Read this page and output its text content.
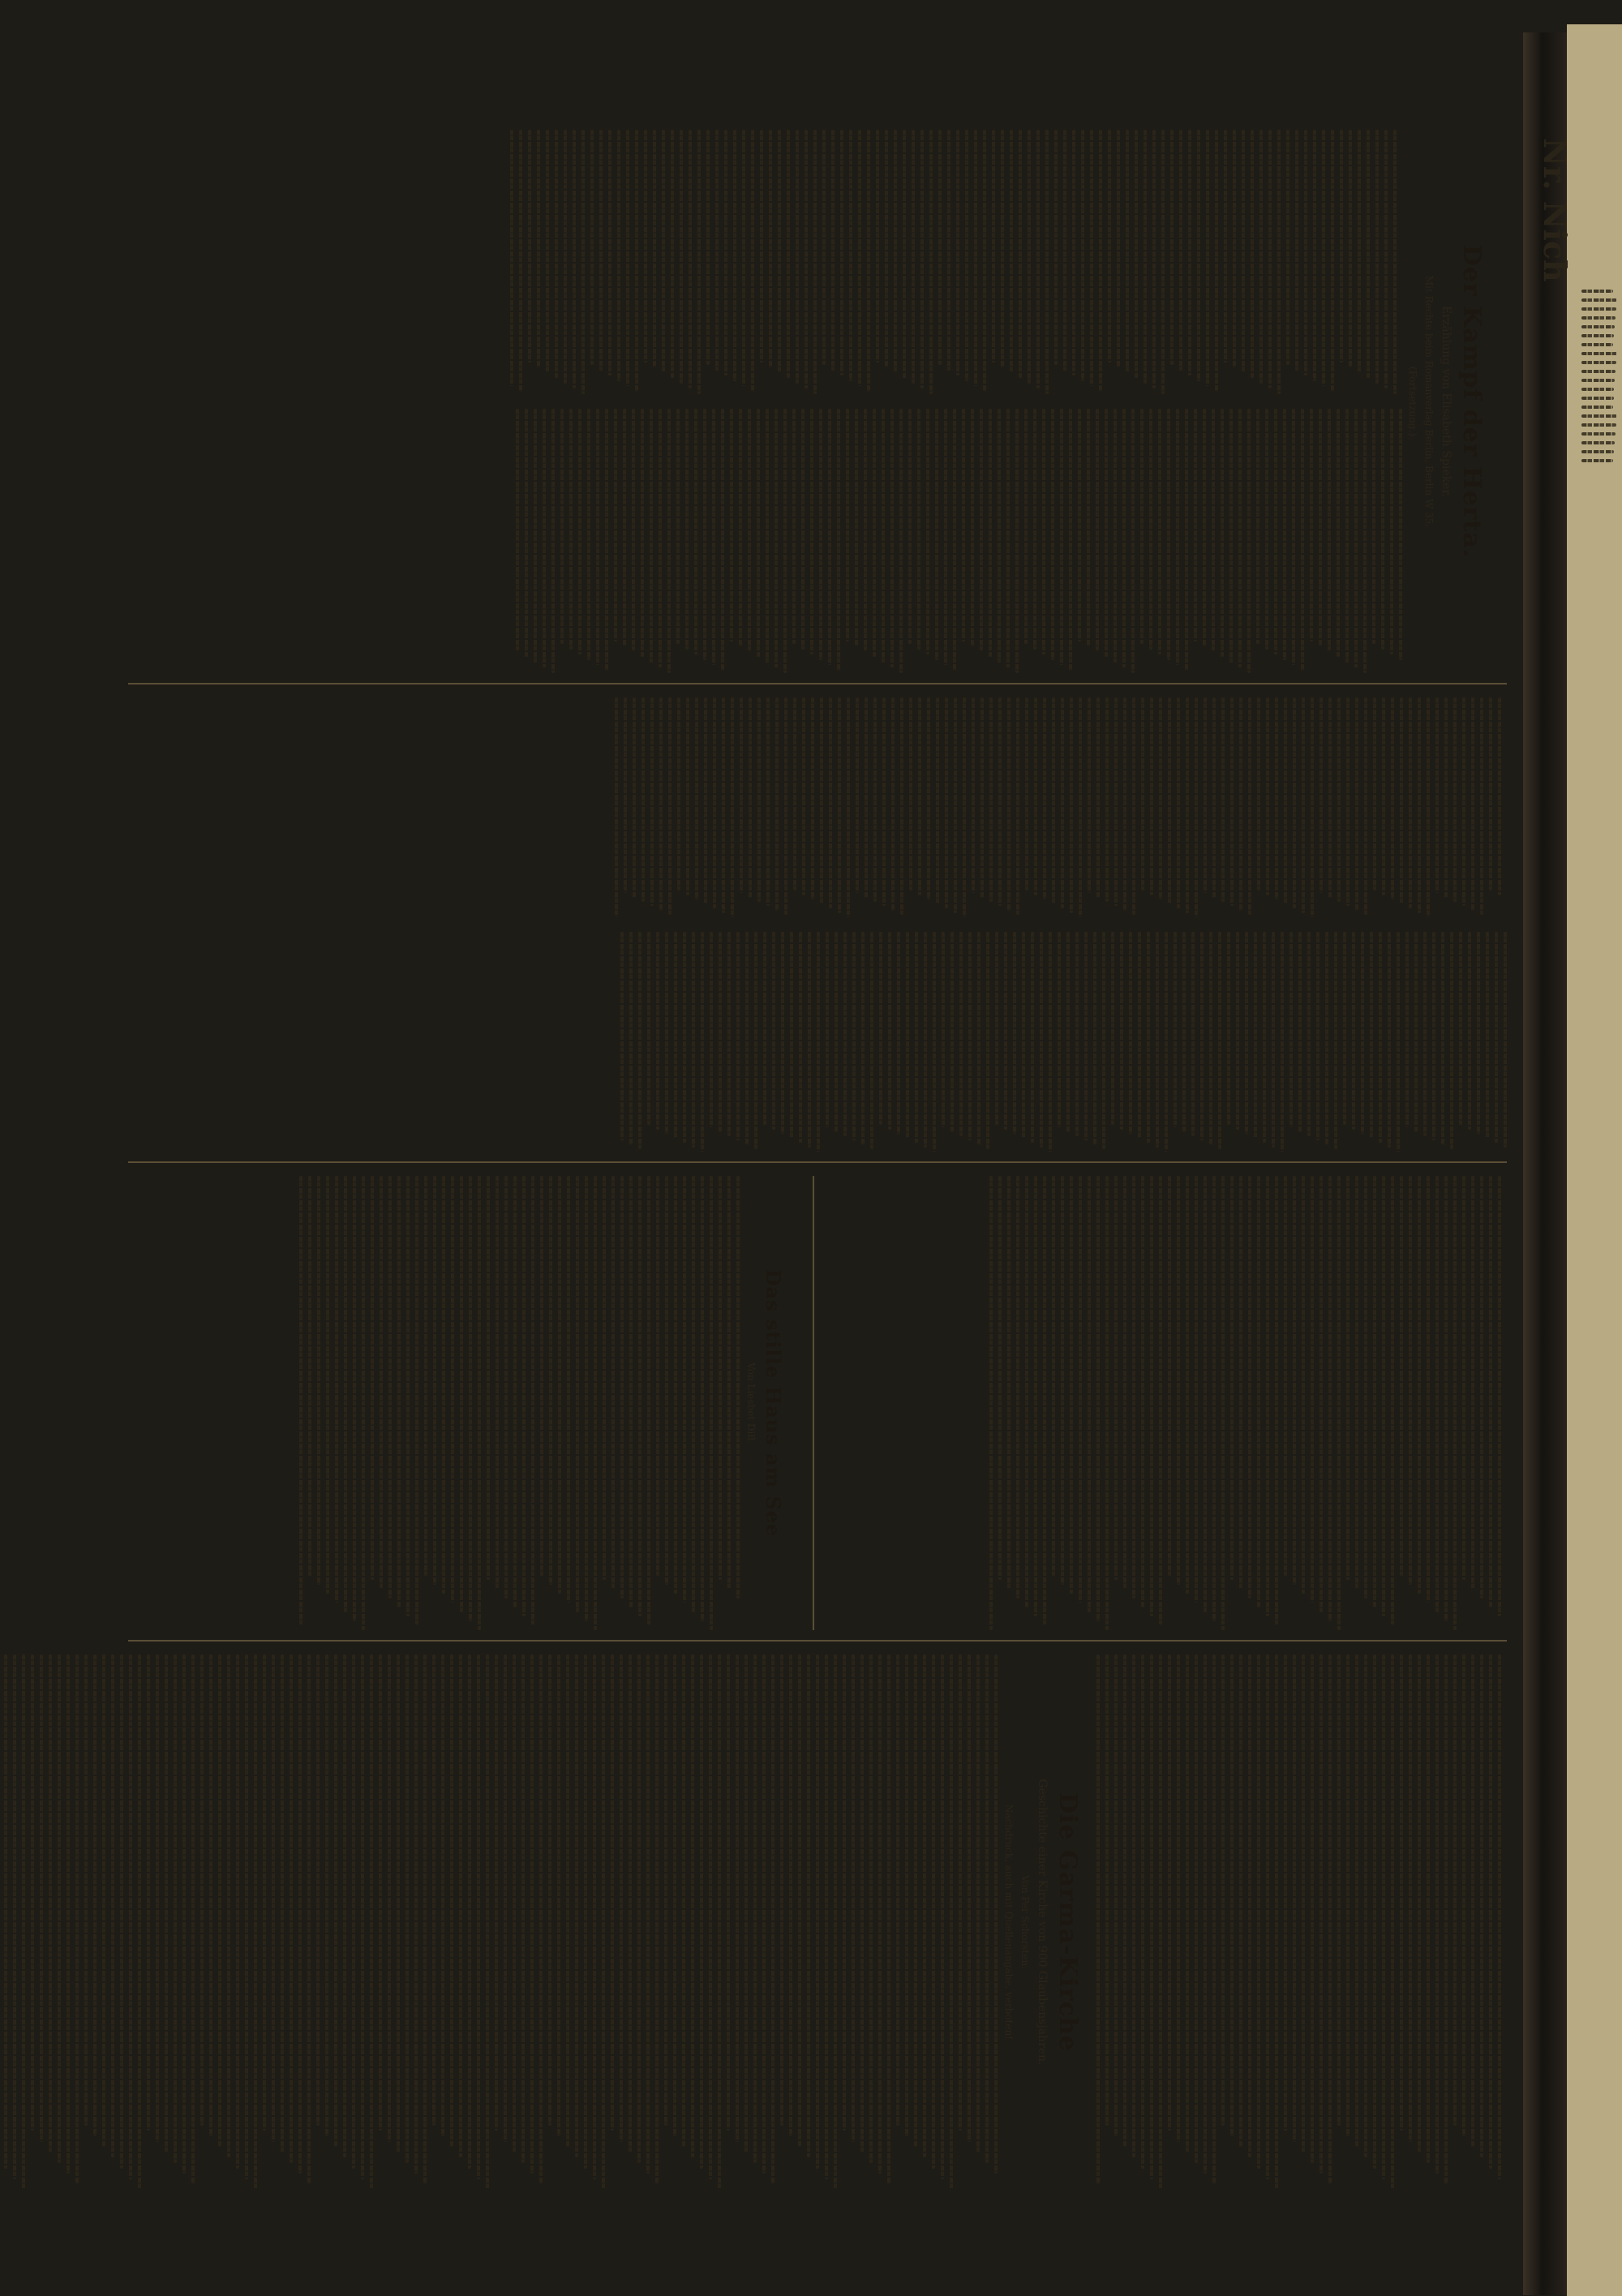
Nr. Nich
Der Kampf der Herta.
Erzählung von Elisabeth Spieker.
Mit Rechte beim Romanverlag Berlin, Berlin W 35.
(Fortsetzung.)
Das stille Haus am See
Von Liesbet Dill.
Die Garma-Kirche
Geschichte einer Kirche von 900 Glaubensjahren.
Von Per Schorsten.
Nachdruck, auch mit Quellenangabe, verboten!
